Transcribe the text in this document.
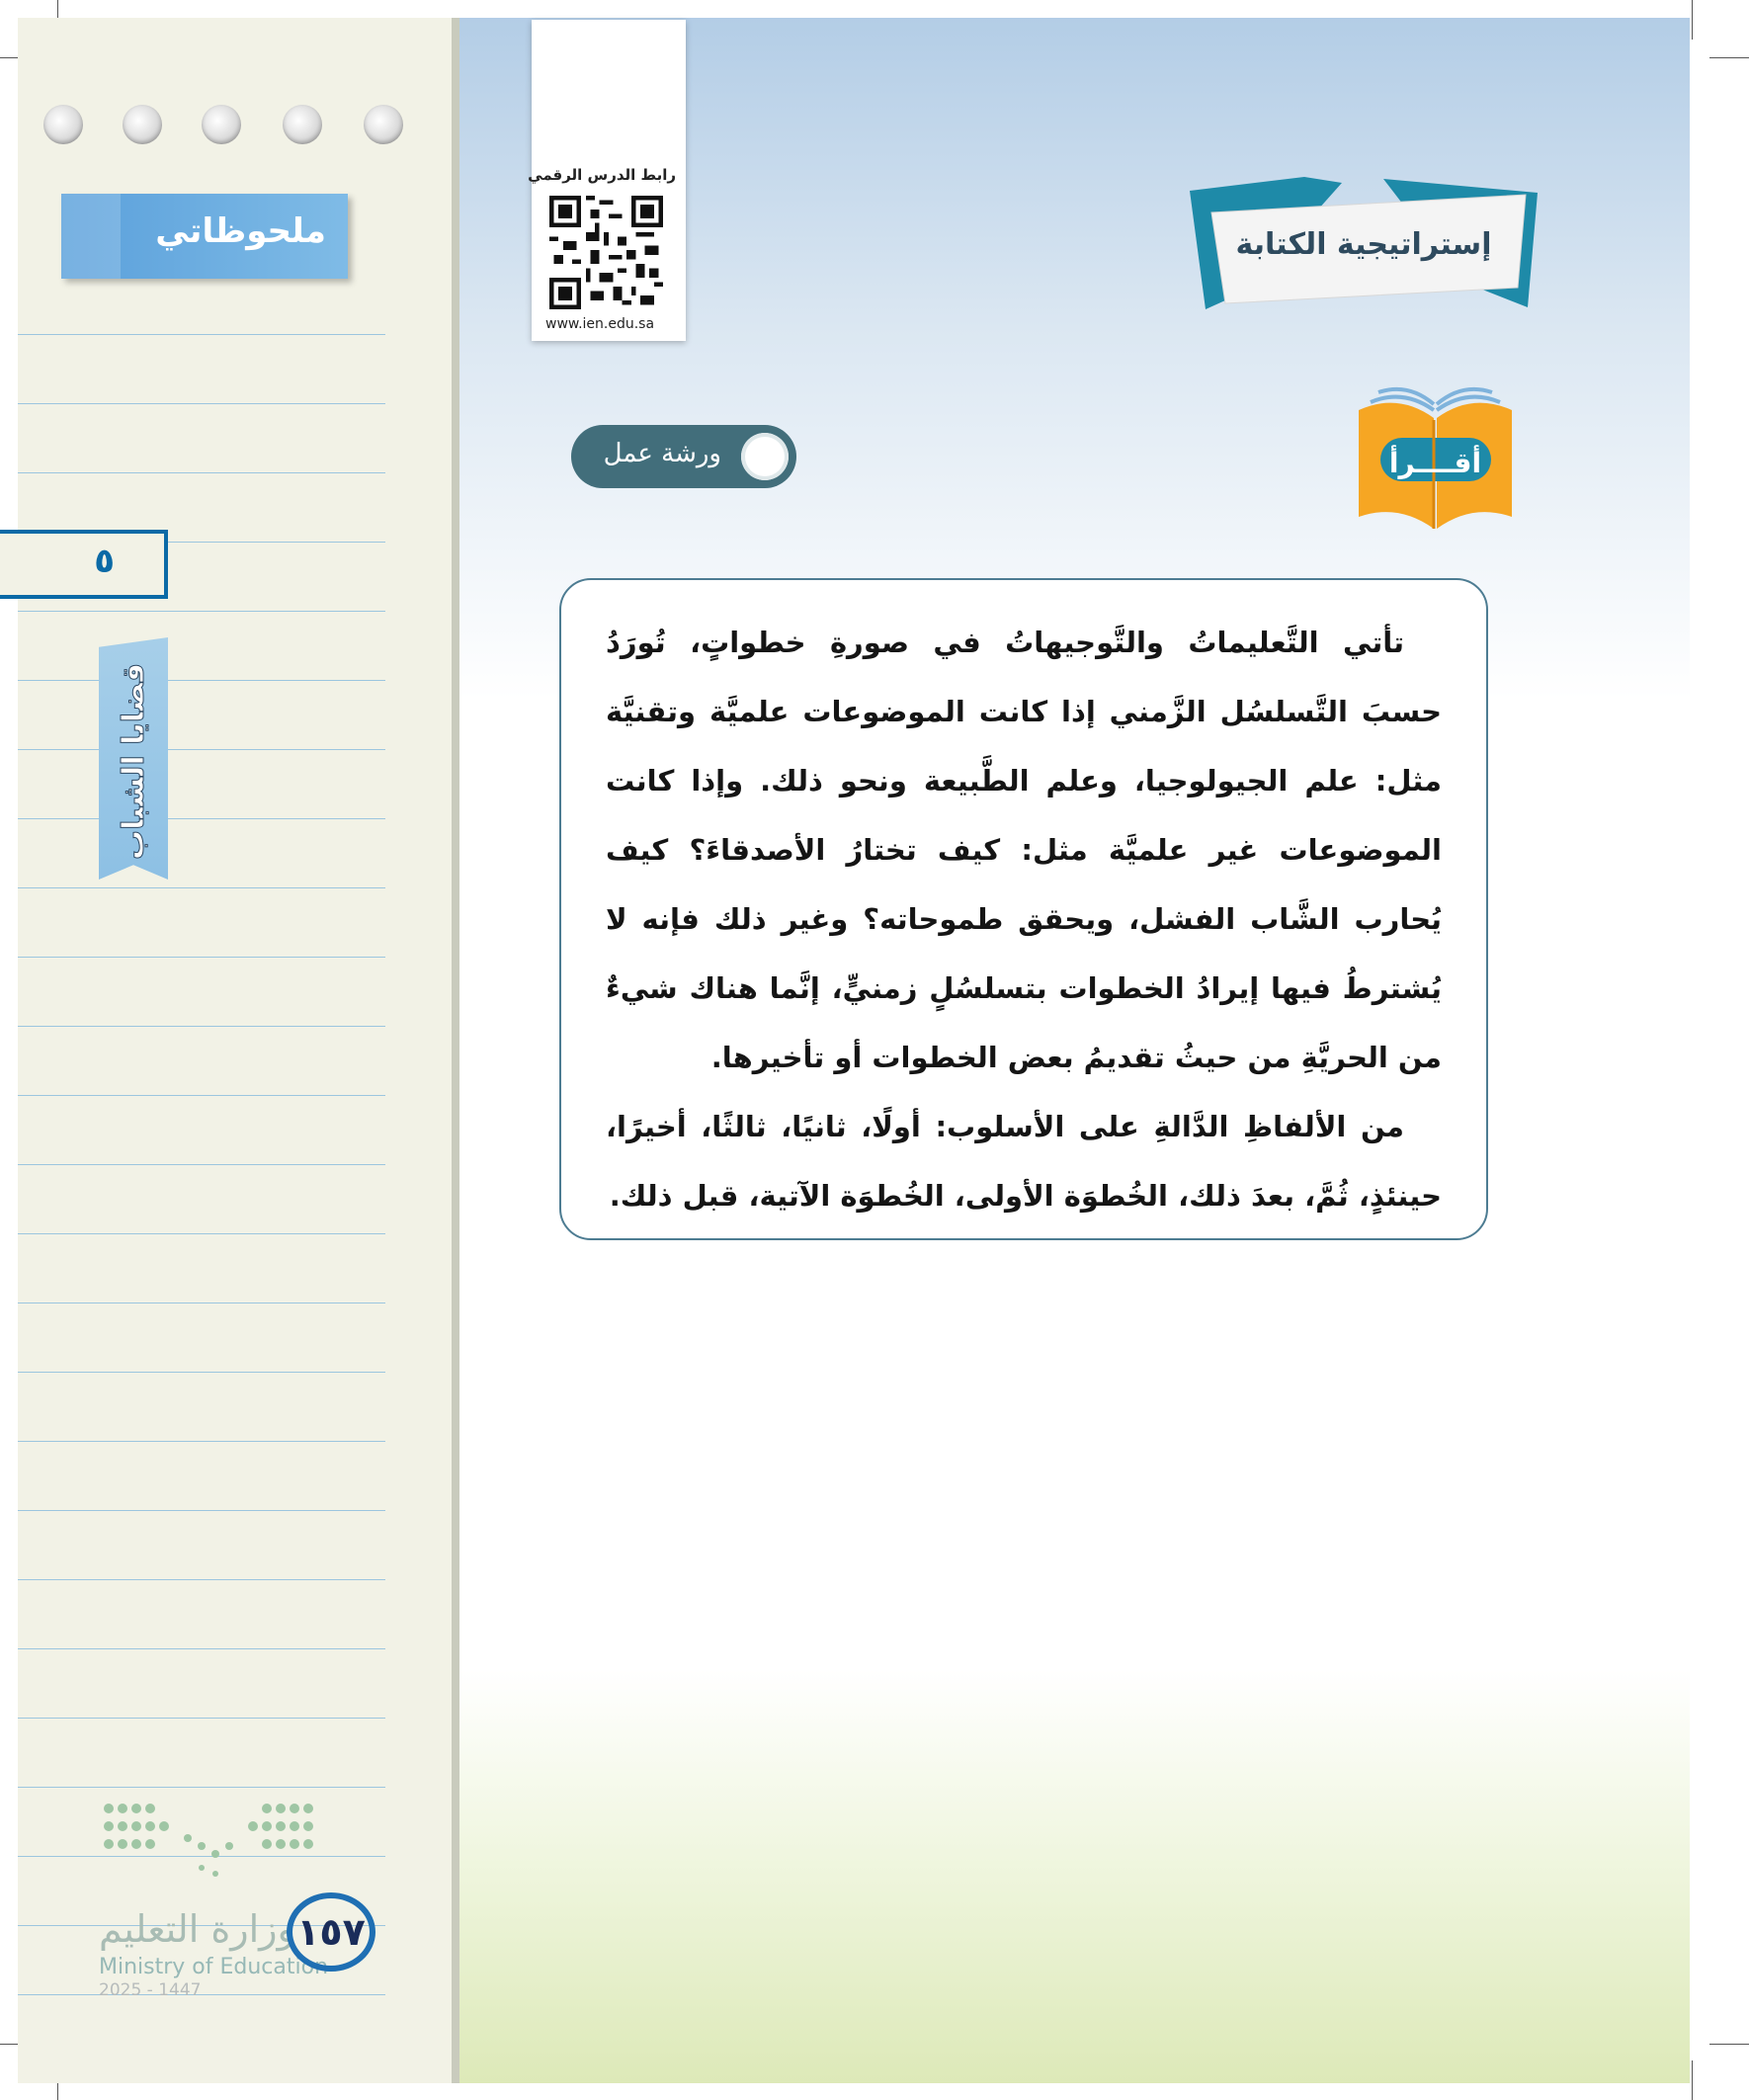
ملحوظاتي
٥
قضايا الشباب
وزارة التعليم
Ministry of Education
2025 - 1447
١٥٧
رابط الدرس الرقمي
www.ien.edu.sa
إستراتيجية الكتابة
أقــــرأ
ورشة عمل

تأتي التَّعليماتُ والتَّوجيهاتُ في صورةِ خطواتٍ، تُورَدُ حسبَ التَّسلسُل الزَّمني إذا كانت الموضوعات علميَّة وتقنيَّة مثل: علم الجيولوجيا، وعلم الطَّبيعة ونحو ذلك. وإذا كانت الموضوعات غير علميَّة مثل: كيف تختارُ الأصدقاءَ؟ كيف يُحارب الشَّاب الفشل، ويحقق طموحاته؟ وغير ذلك فإنه لا يُشترطُ فيها إيرادُ الخطوات بتسلسُلٍ زمنيٍّ، إنَّما هناك شيءٌ من الحريَّةِ من حيثُ تقديمُ بعض الخطوات أو تأخيرها.

من الألفاظِ الدَّالةِ على الأسلوب: أولًا، ثانيًا، ثالثًا، أخيرًا، حينئذٍ، ثُمَّ، بعدَ ذلك، الخُطوَة الأولى، الخُطوَة الآتية، قبل ذلك.
